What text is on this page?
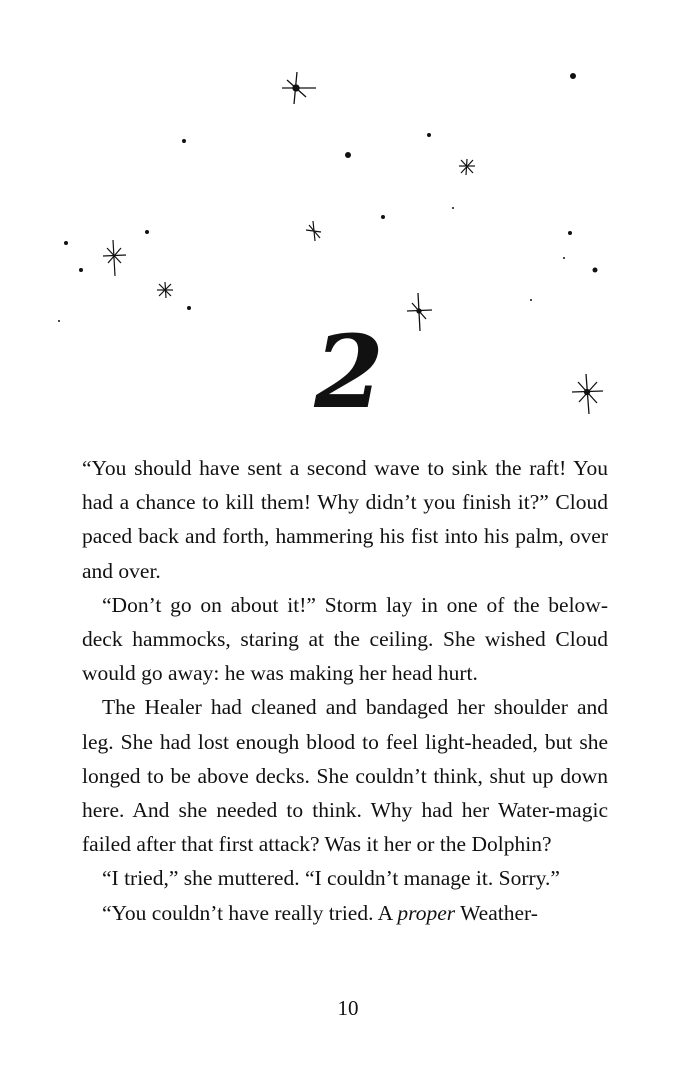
2

“You should have sent a second wave to sink the raft! You had a chance to kill them! Why didn’t you finish it?” Cloud paced back and forth, hammering his fist into his palm, over and over.

“Don’t go on about it!” Storm lay in one of the below-deck hammocks, staring at the ceiling. She wished Cloud would go away: he was making her head hurt.

The Healer had cleaned and bandaged her shoulder and leg. She had lost enough blood to feel light-headed, but she longed to be above decks. She couldn’t think, shut up down here. And she needed to think. Why had her Water-magic failed after that first attack? Was it her or the Dolphin?

“I tried,” she muttered. “I couldn’t manage it. Sorry.”

“You couldn’t have really tried. A proper Weather-

10
